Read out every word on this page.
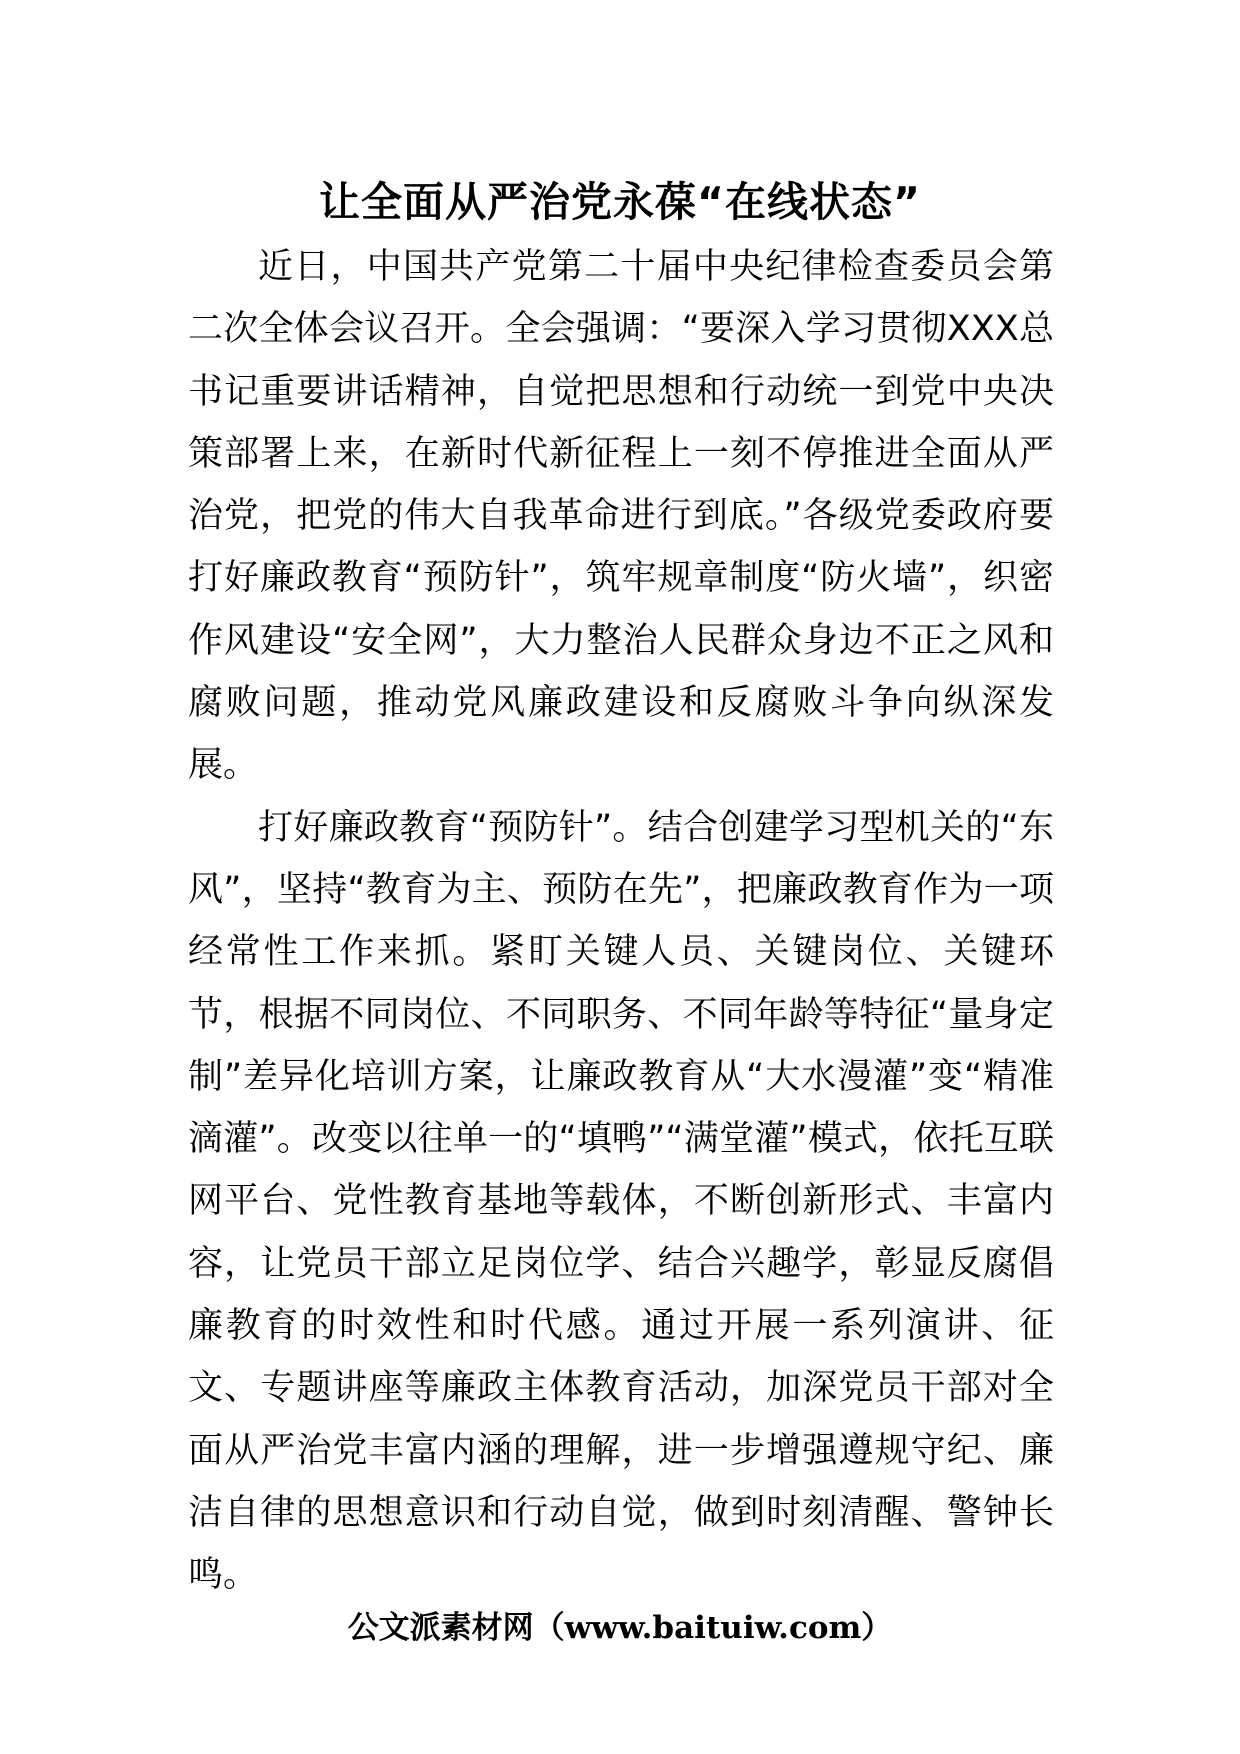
让全面从严治党永葆“在线状态”

近日，中国共产党第二十届中央纪律检查委员会第二次全体会议召开。全会强调：“要深入学习贯彻XXX总书记重要讲话精神，自觉把思想和行动统一到党中央决策部署上来，在新时代新征程上一刻不停推进全面从严治党，把党的伟大自我革命进行到底。”各级党委政府要打好廉政教育“预防针”，筑牢规章制度“防火墙”，织密作风建设“安全网”，大力整治人民群众身边不正之风和腐败问题，推动党风廉政建设和反腐败斗争向纵深发展。

打好廉政教育“预防针”。结合创建学习型机关的“东风”，坚持“教育为主、预防在先”，把廉政教育作为一项经常性工作来抓。紧盯关键人员、关键岗位、关键环节，根据不同岗位、不同职务、不同年龄等特征“量身定制”差异化培训方案，让廉政教育从“大水漫灌”变“精准滴灌”。改变以往单一的“填鸭”“满堂灌”模式，依托互联网平台、党性教育基地等载体，不断创新形式、丰富内容，让党员干部立足岗位学、结合兴趣学，彰显反腐倡廉教育的时效性和时代感。通过开展一系列演讲、征文、专题讲座等廉政主体教育活动，加深党员干部对全面从严治党丰富内涵的理解，进一步增强遵规守纪、廉洁自律的思想意识和行动自觉，做到时刻清醒、警钟长鸣。

公文派素材网（www.baituiw.com）
